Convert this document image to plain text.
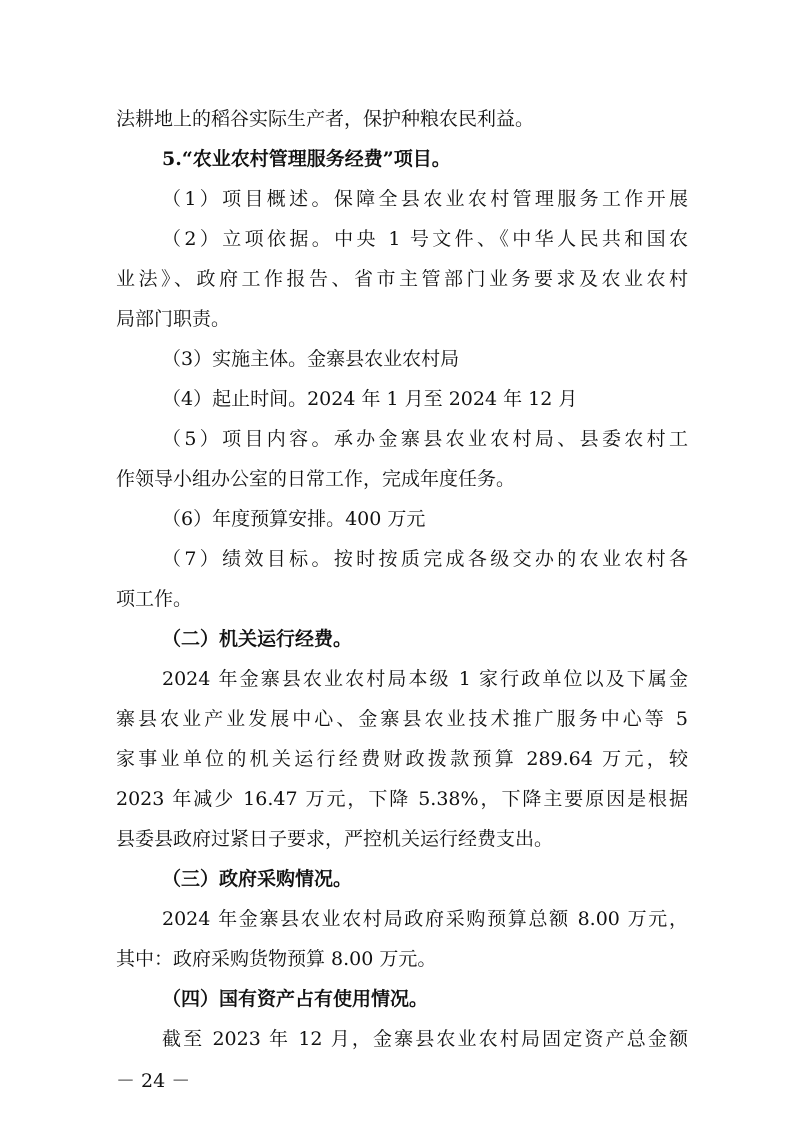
法耕地上的稻谷实际生产者，保护种粮农民利益。
5.“农业农村管理服务经费”项目。
（1）项目概述。保障全县农业农村管理服务工作开展
（2）立项依据。中央 1 号文件、《中华人民共和国农
业法》、政府工作报告、省市主管部门业务要求及农业农村
局部门职责。
（3）实施主体。金寨县农业农村局
（4）起止时间。2024 年 1 月至 2024 年 12 月
（5）项目内容。承办金寨县农业农村局、县委农村工
作领导小组办公室的日常工作，完成年度任务。
（6）年度预算安排。400 万元
（7）绩效目标。按时按质完成各级交办的农业农村各
项工作。
（二）机关运行经费。
2024 年金寨县农业农村局本级 1 家行政单位以及下属金
寨县农业产业发展中心、金寨县农业技术推广服务中心等 5
家事业单位的机关运行经费财政拨款预算 289.64 万元，较
2023 年减少 16.47 万元，下降 5.38%，下降主要原因是根据
县委县政府过紧日子要求，严控机关运行经费支出。
（三）政府采购情况。
2024 年金寨县农业农村局政府采购预算总额 8.00 万元，
其中：政府采购货物预算 8.00 万元。
（四）国有资产占有使用情况。
截至 2023 年 12 月，金寨县农业农村局固定资产总金额
－ 24 －
